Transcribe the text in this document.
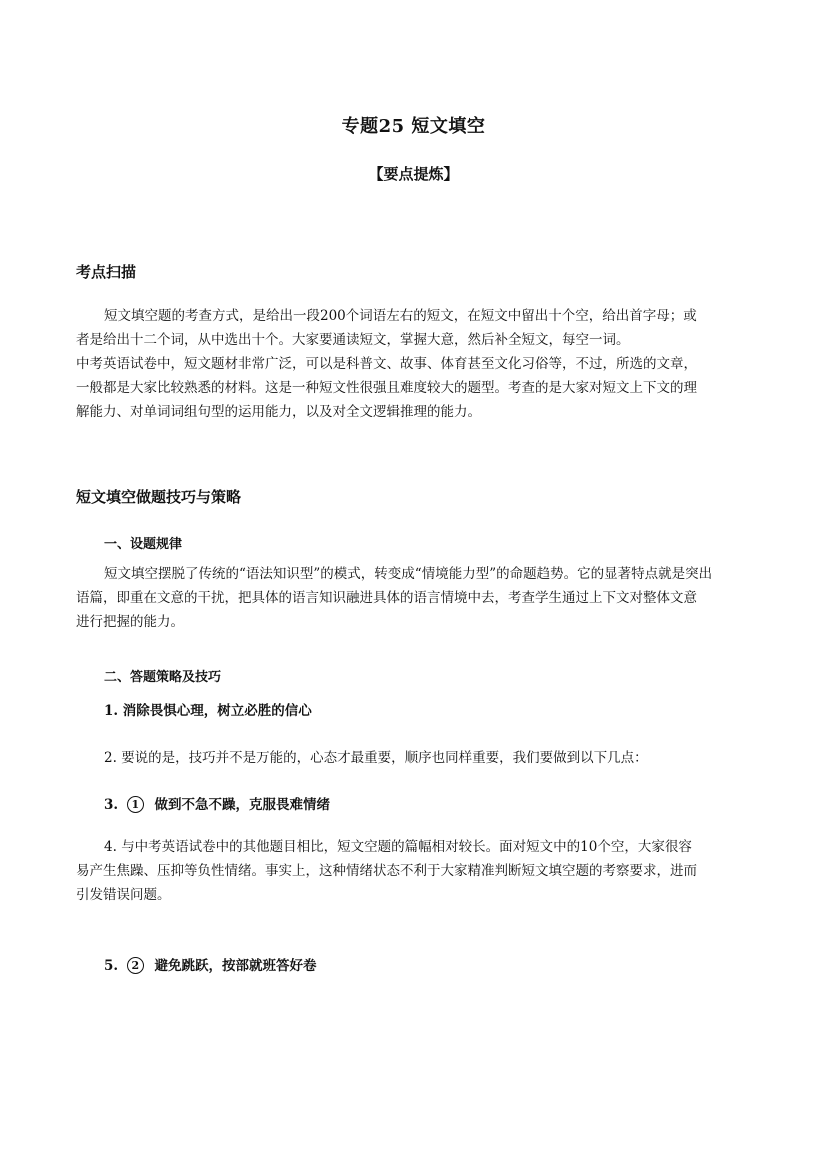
专题25 短文填空
【要点提炼】
考点扫描
短文填空题的考查方式，是给出一段200个词语左右的短文，在短文中留出十个空，给出首字母；或
者是给出十二个词，从中选出十个。大家要通读短文，掌握大意，然后补全短文，每空一词。
中考英语试卷中，短文题材非常广泛，可以是科普文、故事、体育甚至文化习俗等，不过，所选的文章，
一般都是大家比较熟悉的材料。这是一种短文性很强且难度较大的题型。考查的是大家对短文上下文的理
解能力、对单词词组句型的运用能力，以及对全文逻辑推理的能力。
短文填空做题技巧与策略
一、设题规律
短文填空摆脱了传统的“语法知识型”的模式，转变成“情境能力型”的命题趋势。它的显著特点就是突出
语篇，即重在文意的干扰，把具体的语言知识融进具体的语言情境中去，考查学生通过上下文对整体文意
进行把握的能力。
二、答题策略及技巧
1. 消除畏惧心理，树立必胜的信心
2. 要说的是，技巧并不是万能的，心态才最重要，顺序也同样重要，我们要做到以下几点：
3. 1 做到不急不躁，克服畏难情绪
4. 与中考英语试卷中的其他题目相比，短文空题的篇幅相对较长。面对短文中的10个空，大家很容
易产生焦躁、压抑等负性情绪。事实上，这种情绪状态不利于大家精准判断短文填空题的考察要求，进而
引发错误问题。
5. 2 避免跳跃，按部就班答好卷
